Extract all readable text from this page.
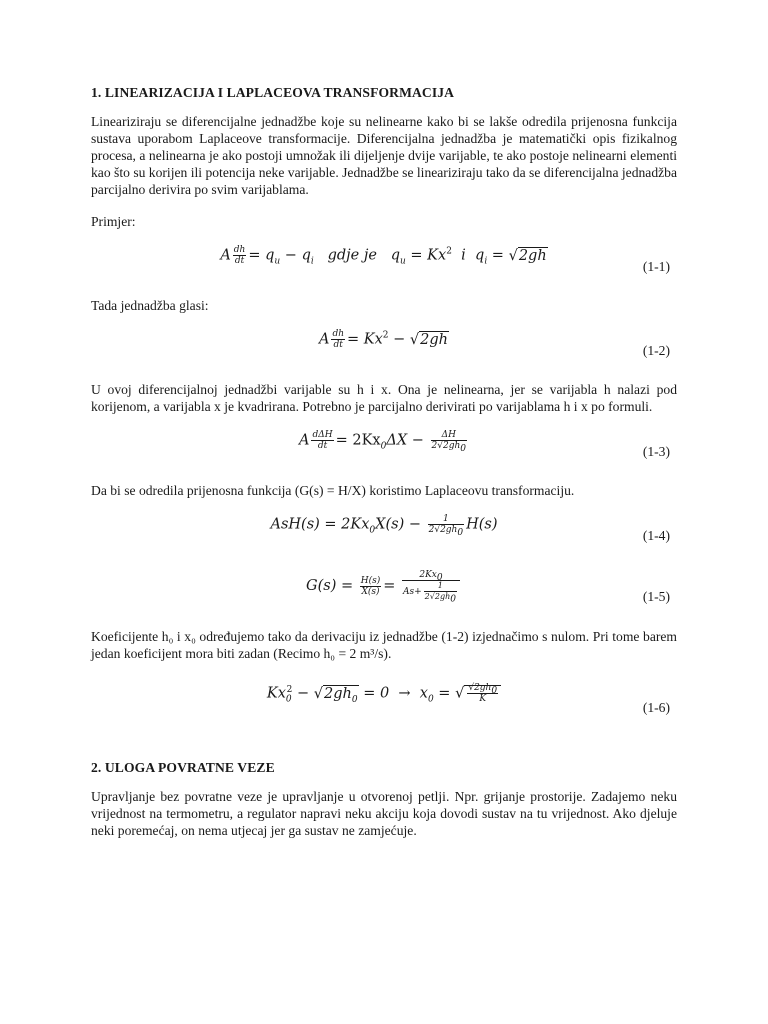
1. LINEARIZACIJA I LAPLACEOVA TRANSFORMACIJA

Lineariziraju se diferencijalne jednadžbe koje su nelinearne kako bi se lakše odredila prijenosna funkcija sustava uporabom Laplaceove transformacije. Diferencijalna jednadžba je matematički opis fizikalnog procesa, a nelinearna je ako postoji umnožak ili dijeljenje dvije varijable, te ako postoje nelinearni elementi kao što su korijen ili potencija neke varijable. Jednadžbe se lineariziraju tako da se diferencijalna jednadžba parcijalno derivira po svim varijablama.

Primjer:

A $\frac{dh}{dt} = q_u - q_i$ gdje je   $q_u = Kx^2$ i  $q_i = √2gh$
(1-1)

Tada jednadžba glasi:

A $\frac{dh}{dt} = Kx^2 - √2gh$
(1-2)

U ovoj diferencijalnoj jednadžbi varijable su h i x. Ona je nelinearna, jer se varijabla h nalazi pod korijenom, a varijabla x je kvadrirana. Potrebno je parcijalno derivirati po varijablama h i x po formuli.

A $\frac{\text{dΔH}}{dt} = 2Kx_0\Delta X - \frac{\Delta H}{2√2gh_0}$
(1-3)

Da bi se odredila prijenosna funkcija (G(s) = H/X) koristimo Laplaceovu transformaciju.

$AsH(s) = 2Kx_0X(s) - \frac{1}{2√2gh_0} H(s)$
(1-4)
$G(s) = \frac{H(s)}{X(s)} = \frac{2Kx_0}{As+ \frac{1}{2√2gh_0}}$	(1-5)

Koeficijente h₀ i x₀ određujemo tako da derivaciju iz jednadžbe (1-2) izjednačimo s nulom. Pri tome barem jedan koeficijent mora biti zadan (Recimo h₀ = 2 m³/s).

$Kx_0^2 - √2gh_0 = 0 \to x_0$ = √ $\frac{√2gh_0}{K}$
(1-6)
2. ULOGA POVRATNE VEZE

Upravljanje bez povratne veze je upravljanje u otvorenoj petlji. Npr. grijanje prostorije. Zadajemo neku vrijednost na termometru, a regulator napravi neku akciju koja dovodi sustav na tu vrijednost. Ako djeluje neki poremećaj, on nema utjecaj jer ga sustav ne zamjećuje.
